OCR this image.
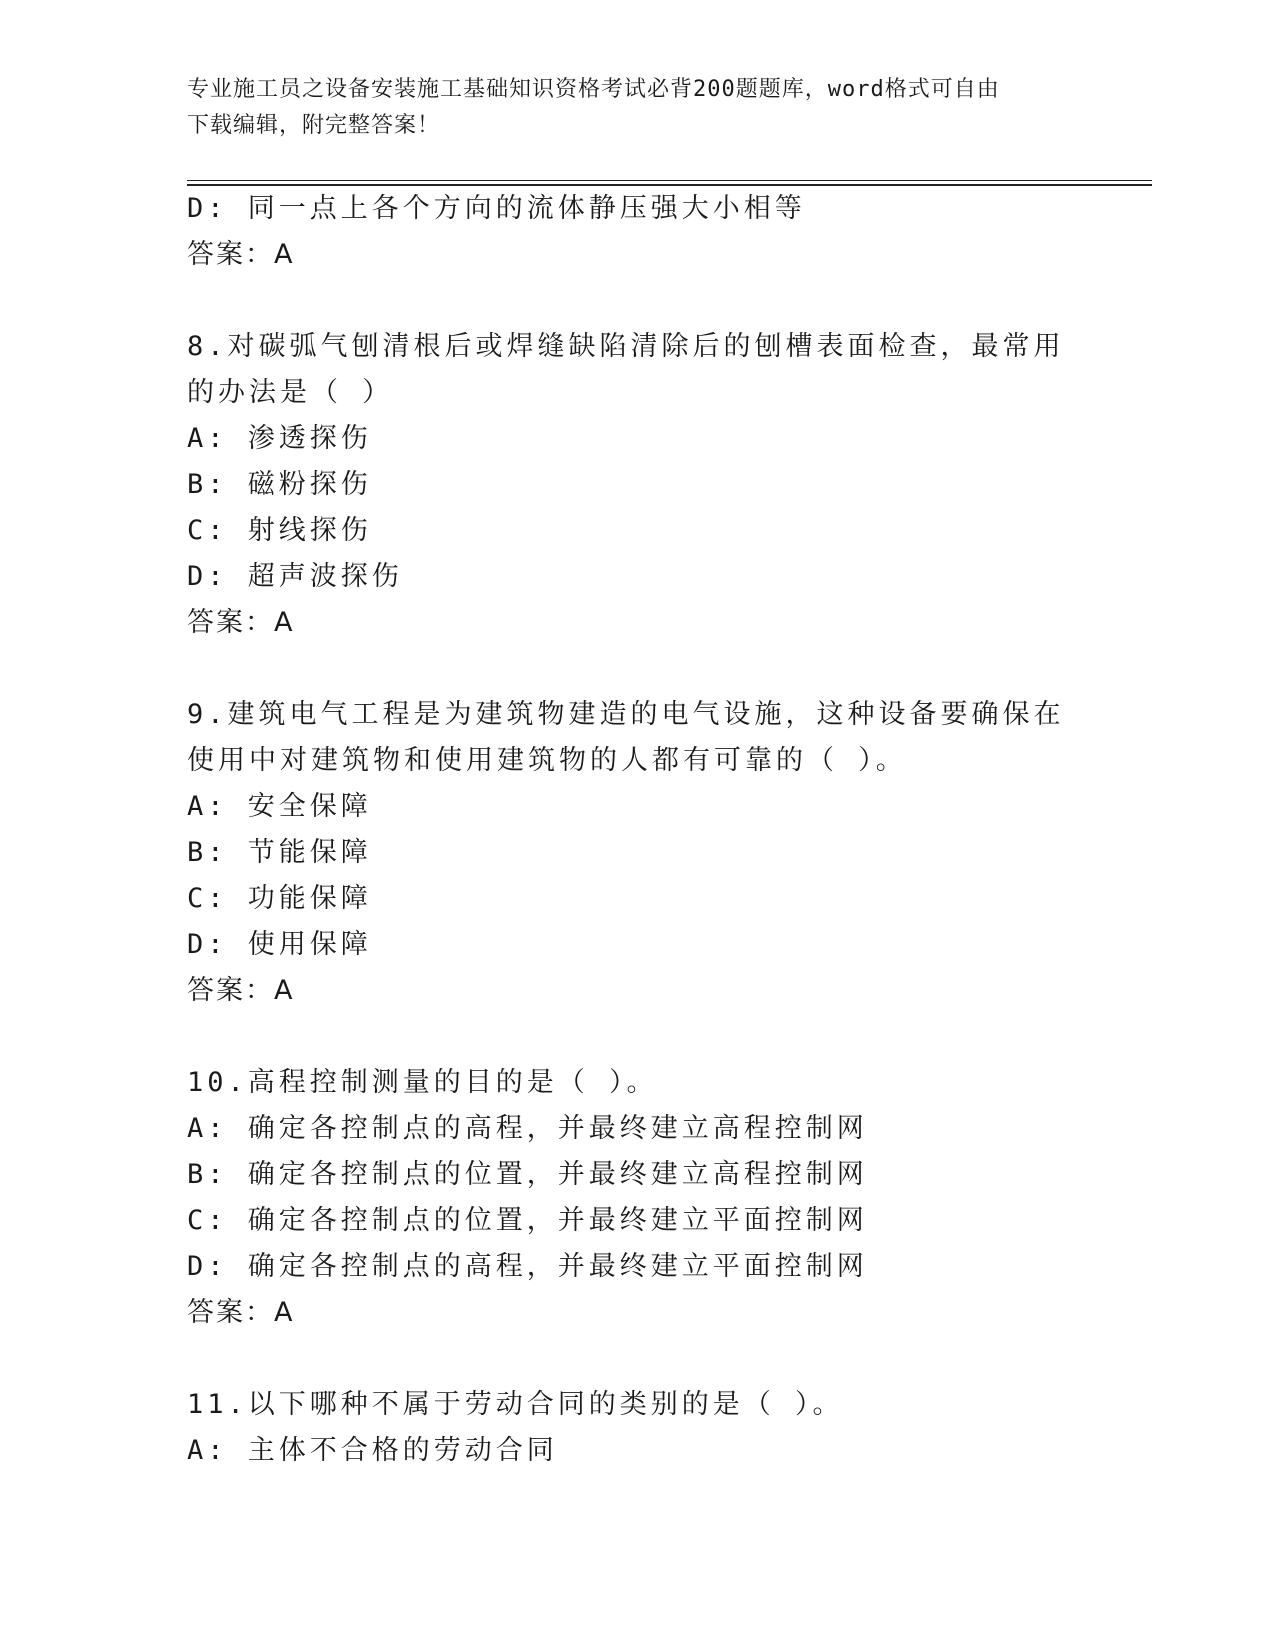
专业施工员之设备安装施工基础知识资格考试必背200题题库，word格式可自由
下载编辑，附完整答案！

D: 同一点上各个方向的流体静压强大小相等

答案：A

8.对碳弧气刨清根后或焊缝缺陷清除后的刨槽表面检查，最常用的办法是（ ）

A: 渗透探伤

B: 磁粉探伤

C: 射线探伤

D: 超声波探伤

答案：A

9.建筑电气工程是为建筑物建造的电气设施，这种设备要确保在使用中对建筑物和使用建筑物的人都有可靠的（ ）。

A: 安全保障

B: 节能保障

C: 功能保障

D: 使用保障

答案：A

10.高程控制测量的目的是（ ）。

A: 确定各控制点的高程，并最终建立高程控制网

B: 确定各控制点的位置，并最终建立高程控制网

C: 确定各控制点的位置，并最终建立平面控制网

D: 确定各控制点的高程，并最终建立平面控制网

答案：A

11.以下哪种不属于劳动合同的类别的是（ ）。

A: 主体不合格的劳动合同
